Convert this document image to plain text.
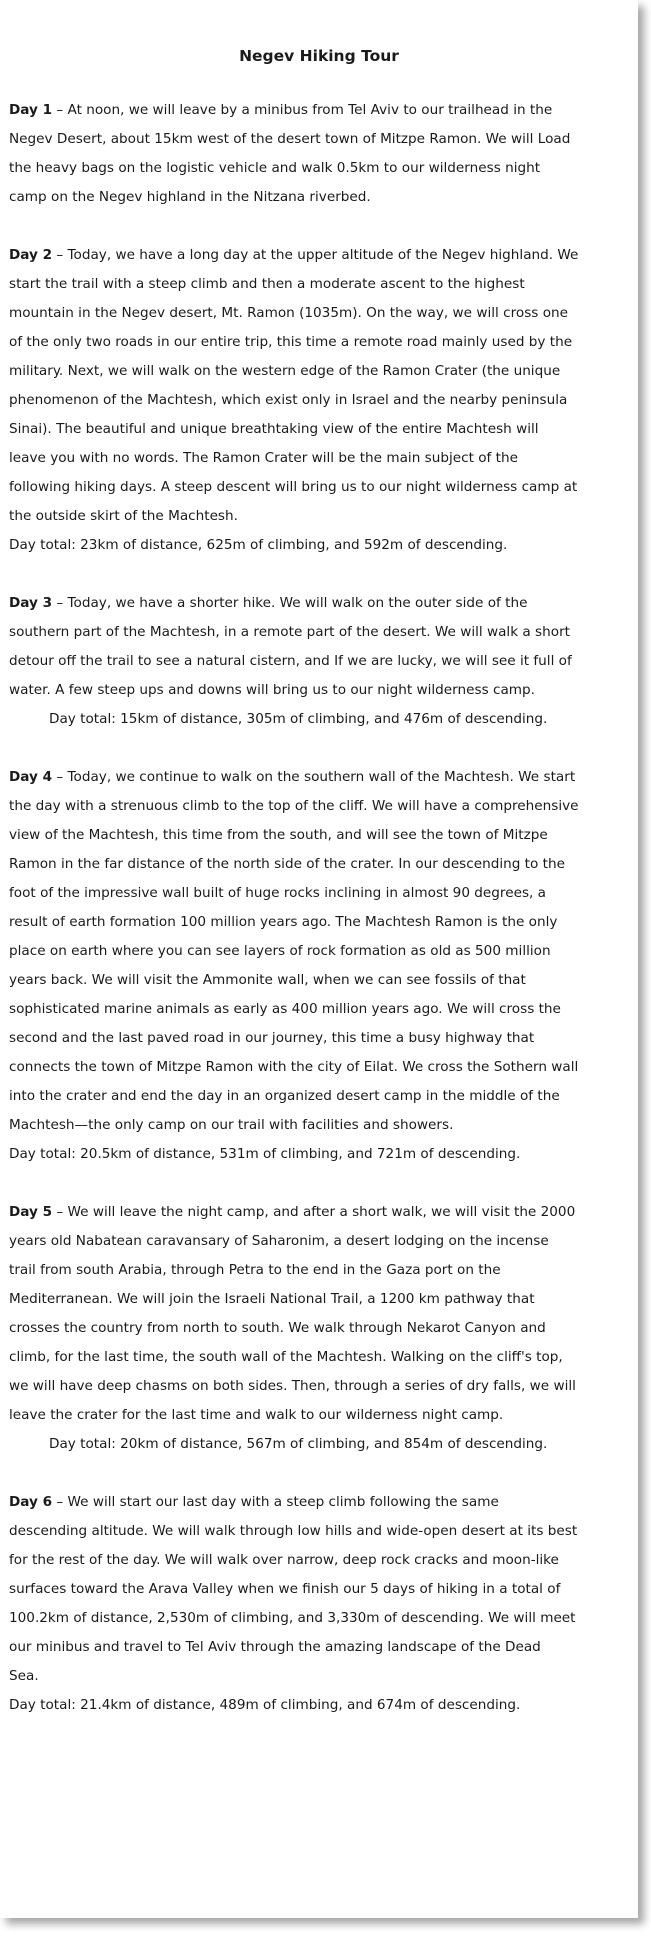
Negev Hiking Tour

Day 1 – At noon, we will leave by a minibus from Tel Aviv to our trailhead in the Negev Desert, about 15km west of the desert town of Mitzpe Ramon. We will Load the heavy bags on the logistic vehicle and walk 0.5km to our wilderness night camp on the Negev highland in the Nitzana riverbed.

Day 2 – Today, we have a long day at the upper altitude of the Negev highland. We start the trail with a steep climb and then a moderate ascent to the highest mountain in the Negev desert, Mt. Ramon (1035m). On the way, we will cross one of the only two roads in our entire trip, this time a remote road mainly used by the military. Next, we will walk on the western edge of the Ramon Crater (the unique phenomenon of the Machtesh, which exist only in Israel and the nearby peninsula Sinai). The beautiful and unique breathtaking view of the entire Machtesh will leave you with no words. The Ramon Crater will be the main subject of the following hiking days. A steep descent will bring us to our night wilderness camp at the outside skirt of the Machtesh.

Day total: 23km of distance, 625m of climbing, and 592m of descending.

Day 3 – Today, we have a shorter hike. We will walk on the outer side of the southern part of the Machtesh, in a remote part of the desert. We will walk a short detour off the trail to see a natural cistern, and If we are lucky, we will see it full of water. A few steep ups and downs will bring us to our night wilderness camp.

Day total: 15km of distance, 305m of climbing, and 476m of descending.

Day 4 – Today, we continue to walk on the southern wall of the Machtesh. We start the day with a strenuous climb to the top of the cliff. We will have a comprehensive view of the Machtesh, this time from the south, and will see the town of Mitzpe Ramon in the far distance of the north side of the crater. In our descending to the foot of the impressive wall built of huge rocks inclining in almost 90 degrees, a result of earth formation 100 million years ago. The Machtesh Ramon is the only place on earth where you can see layers of rock formation as old as 500 million years back. We will visit the Ammonite wall, when we can see fossils of that sophisticated marine animals as early as 400 million years ago. We will cross the second and the last paved road in our journey, this time a busy highway that connects the town of Mitzpe Ramon with the city of Eilat. We cross the Sothern wall into the crater and end the day in an organized desert camp in the middle of the Machtesh—the only camp on our trail with facilities and showers.

Day total: 20.5km of distance, 531m of climbing, and 721m of descending.

Day 5 – We will leave the night camp, and after a short walk, we will visit the 2000 years old Nabatean caravansary of Saharonim, a desert lodging on the incense trail from south Arabia, through Petra to the end in the Gaza port on the Mediterranean. We will join the Israeli National Trail, a 1200 km pathway that crosses the country from north to south. We walk through Nekarot Canyon and climb, for the last time, the south wall of the Machtesh. Walking on the cliff's top, we will have deep chasms on both sides. Then, through a series of dry falls, we will leave the crater for the last time and walk to our wilderness night camp.

Day total: 20km of distance, 567m of climbing, and 854m of descending.

Day 6 – We will start our last day with a steep climb following the same descending altitude. We will walk through low hills and wide-open desert at its best for the rest of the day. We will walk over narrow, deep rock cracks and moon-like surfaces toward the Arava Valley when we finish our 5 days of hiking in a total of 100.2km of distance, 2,530m of climbing, and 3,330m of descending. We will meet our minibus and travel to Tel Aviv through the amazing landscape of the Dead

Sea.

Day total: 21.4km of distance, 489m of climbing, and 674m of descending.
